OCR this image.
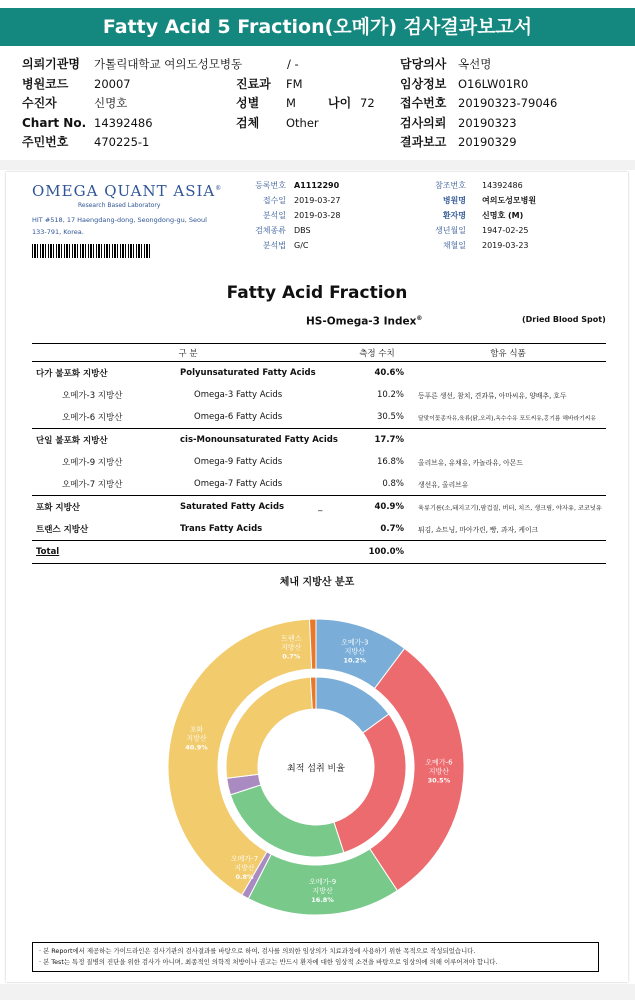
Fatty Acid 5 Fraction(오메가) 검사결과보고서
의뢰기관명 가톨릭대학교 여의도성모병동	/ -
병원코드 20007
수진자	신명호
Chart No. 14392486
주민번호 470225-1
진료과 FM
성별 M	나이 72
검체 Other
담당의사 옥선명
임상정보 O16LW01R0
접수번호 20190323-79046
검사의뢰 20190323
결과보고 20190329
OMEGA QUANT ASIA®
Research Based Laboratory
HIT #518, 17 Haengdang-dong, Seongdong-gu, Seoul 133-791, Korea.
등록번호 A1112290
접수일 2019-03-27
분석일 2019-03-28
검체종류 DBS
분석법 G/C
참조번호 14392486
병원명 여의도성모병원
환자명 신명호 (M)
생년월일 1947-02-25
채혈일 2019-03-23
Fatty Acid Fraction
HS-Omega-3 Index®	(Dried Blood Spot)
구 분		측정 수치	함유 식품
다가 불포화 지방산	Polyunsaturated Fatty Acids	40.6%	
오메가-3 지방산	Omega-3 Fatty Acids	10.2%	등푸른 생선, 참치, 견과류, 아마씨유, 양배추, 호두
오메가-6 지방산	Omega-6 Fatty Acids	30.5%	달맞이꽃종자유,육류(닭,오리),옥수수유 포도씨유,홍기름 해바라기씨유
단일 불포화 지방산	cis-Monounsaturated Fatty Acids	17.7%	
오메가-9 지방산	Omega-9 Fatty Acids	16.8%	올리브유, 유채유, 카놀라유, 아몬드
오메가-7 지방산	Omega-7 Fatty Acids	0.8%	생선유, 올리브유
포화 지방산	Saturated Fatty Acids _	40.9%	육류기름(소,돼지고기),팜겁질, 버터, 치즈, 생크림, 야자유, 코코넛유
트랜스 지방산	Trans Fatty Acids	0.7%	튀김, 쇼트닝, 마아가린, 빵, 과자, 케이크
Total		100.0%	
체내 지방산 분포
최적 섭취 비율
오메가-3
지방산
10.2%
오메가-6
지방산
30.5%
오메가-9
지방산
16.8%
오메가-7
지방산
0.8%
포화
지방산
40.9%
트랜스
지방산
0.7%
· 본 Report에서 제공하는 가이드라인은 검사기관의 검사결과를 바탕으로 하여, 검사를 의뢰한 임상의가 치료과정에 사용하기 위한 목적으로 작성되었습니다.
· 본 Test는 특정 질병의 진단을 위한 검사가 아니며, 최종적인 의학적 처방이나 권고는 반드시 환자에 대한 임상적 소견을 바탕으로 임상의에 의해 이루어져야 합니다.
